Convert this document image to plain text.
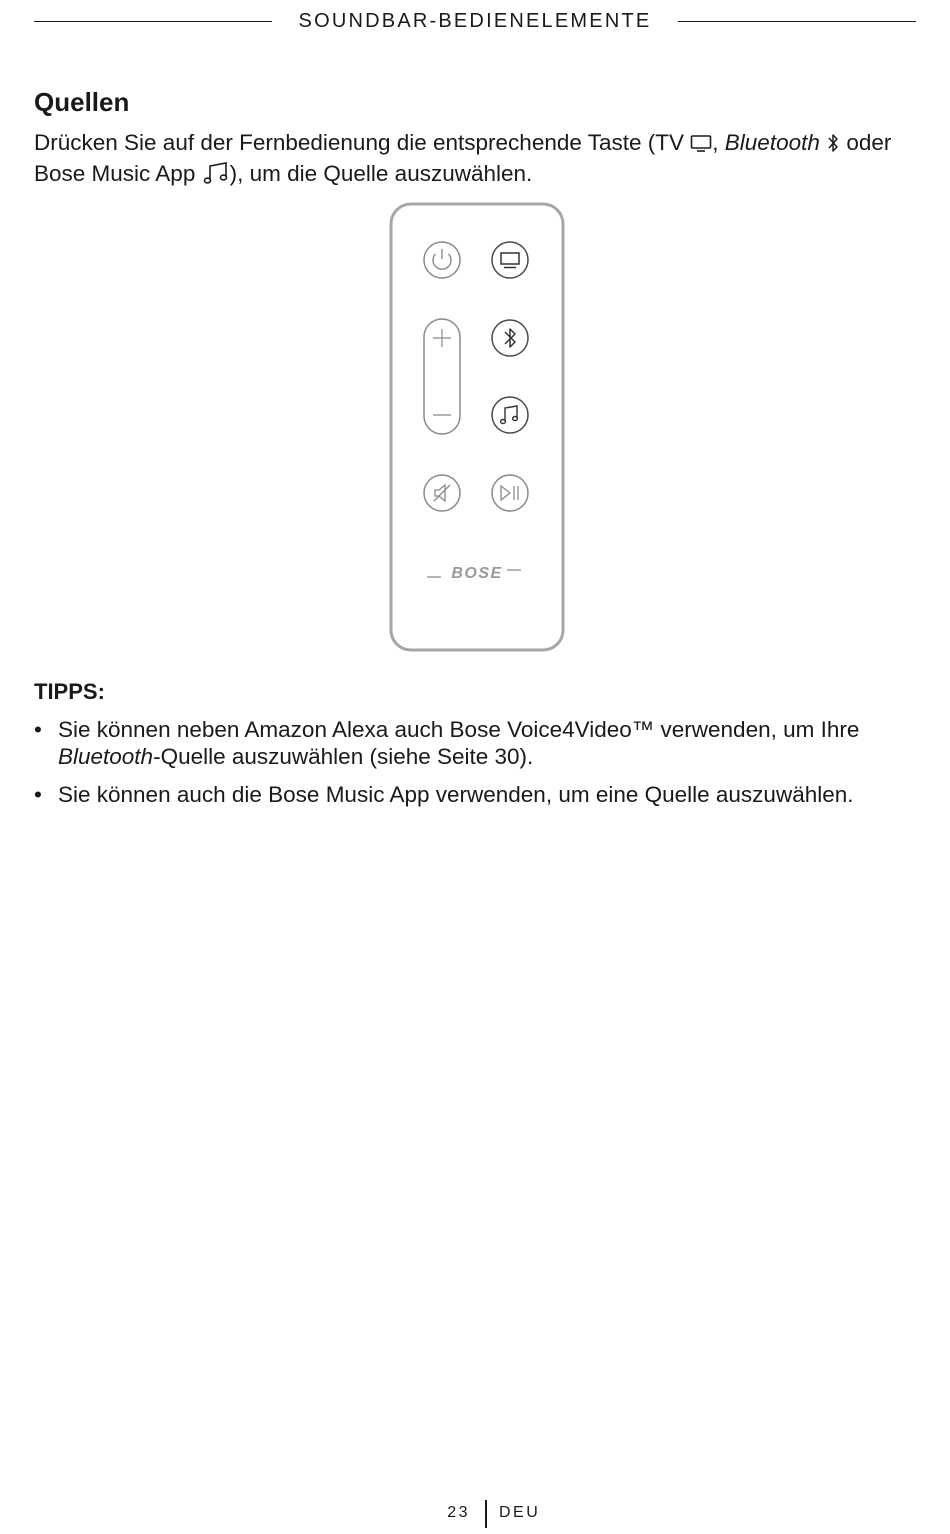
SOUNDBAR-BEDIENELEMENTE
Quellen

Drücken Sie auf der Fernbedienung die entsprechende Taste (TV , Bluetooth oder
Bose Music App ), um die Quelle auszuwählen.

BOSE
TIPPS:
• Sie können neben Amazon Alexa auch Bose Voice4Video™ verwenden, um Ihre
Bluetooth-Quelle auszuwählen (siehe Seite 30).
• Sie können auch die Bose Music App verwenden, um eine Quelle auszuwählen.
23 DEU
